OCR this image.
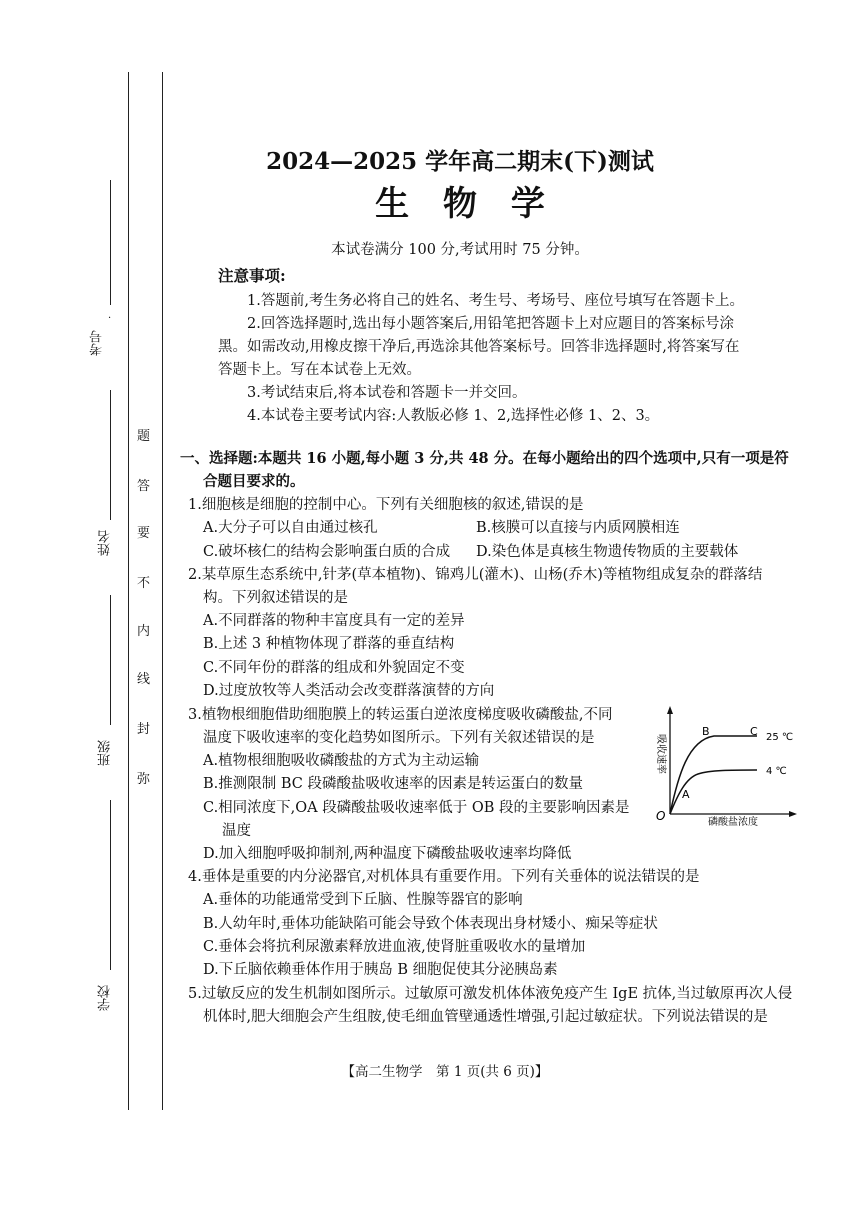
考号
·
姓名
班级
学校
题
答
要
不
内
线
封
弥
2024—2025 学年高二期末(下)测试
生 物 学
本试卷满分 100 分,考试用时 75 分钟。
注意事项:
1.答题前,考生务必将自己的姓名、考生号、考场号、座位号填写在答题卡上。
2.回答选择题时,选出每小题答案后,用铅笔把答题卡上对应题目的答案标号涂
黑。如需改动,用橡皮擦干净后,再选涂其他答案标号。回答非选择题时,将答案写在
答题卡上。写在本试卷上无效。
3.考试结束后,将本试卷和答题卡一并交回。
4.本试卷主要考试内容:人教版必修 1、2,选择性必修 1、2、3。
一、选择题:本题共 16 小题,每小题 3 分,共 48 分。在每小题给出的四个选项中,只有一项是符
合题目要求的。
1.细胞核是细胞的控制中心。下列有关细胞核的叙述,错误的是
A.大分子可以自由通过核孔	B.核膜可以直接与内质网膜相连
C.破坏核仁的结构会影响蛋白质的合成 D.染色体是真核生物遗传物质的主要载体
2.某草原生态系统中,针茅(草本植物)、锦鸡儿(灌木)、山杨(乔木)等植物组成复杂的群落结
构。下列叙述错误的是
A.不同群落的物种丰富度具有一定的差异
B.上述 3 种植物体现了群落的垂直结构
C.不同年份的群落的组成和外貌固定不变
D.过度放牧等人类活动会改变群落演替的方向
3.植物根细胞借助细胞膜上的转运蛋白逆浓度梯度吸收磷酸盐,不同
温度下吸收速率的变化趋势如图所示。下列有关叙述错误的是
A.植物根细胞吸收磷酸盐的方式为主动运输
B.推测限制 BC 段磷酸盐吸收速率的因素是转运蛋白的数量
C.相同浓度下,OA 段磷酸盐吸收速率低于 OB 段的主要影响因素是
温度
D.加入细胞呼吸抑制剂,两种温度下磷酸盐吸收速率均降低
吸收速率
磷酸盐浓度
O
A
B	C 25 ℃
4 ℃
4.垂体是重要的内分泌器官,对机体具有重要作用。下列有关垂体的说法错误的是
A.垂体的功能通常受到下丘脑、性腺等器官的影响
B.人幼年时,垂体功能缺陷可能会导致个体表现出身材矮小、痴呆等症状
C.垂体会将抗利尿激素释放进血液,使肾脏重吸收水的量增加
D.下丘脑依赖垂体作用于胰岛 B 细胞促使其分泌胰岛素
5.过敏反应的发生机制如图所示。过敏原可激发机体体液免疫产生 IgE 抗体,当过敏原再次人侵
机体时,肥大细胞会产生组胺,使毛细血管壁通透性增强,引起过敏症状。下列说法错误的是
【高二生物学　第 1 页(共 6 页)】
